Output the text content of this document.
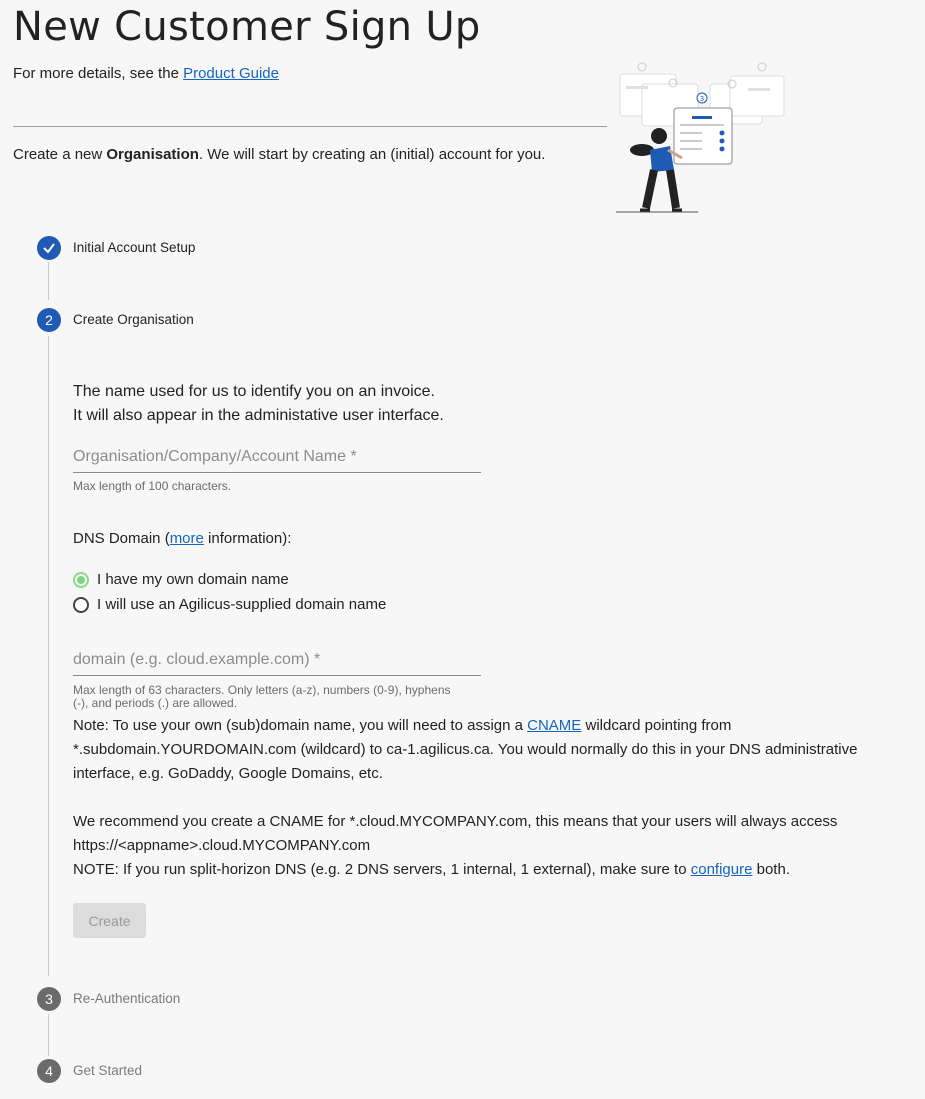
New Customer Sign Up
For more details, see the Product Guide
Create a new Organisation. We will start by creating an (initial) account for you.
3
Initial Account Setup
2	Create Organisation
The name used for us to identify you on an invoice.
It will also appear in the administative user interface.
Organisation/Company/Account Name *
Max length of 100 characters.
DNS Domain (more information):
I have my own domain name
I will use an Agilicus-supplied domain name
domain (e.g. cloud.example.com) *
Max length of 63 characters. Only letters (a-z), numbers (0-9), hyphens (-), and periods (.) are allowed.
Note: To use your own (sub)domain name, you will need to assign a CNAME wildcard pointing from *.subdomain.YOURDOMAIN.com (wildcard) to ca-1.agilicus.ca. You would normally do this in your DNS administrative interface, e.g. GoDaddy, Google Domains, etc.
We recommend you create a CNAME for *.cloud.MYCOMPANY.com, this means that your users will always access https://<appname>.cloud.MYCOMPANY.com
NOTE: If you run split-horizon DNS (e.g. 2 DNS servers, 1 internal, 1 external), make sure to configure both.
Create
3	Re-Authentication
4	Get Started
